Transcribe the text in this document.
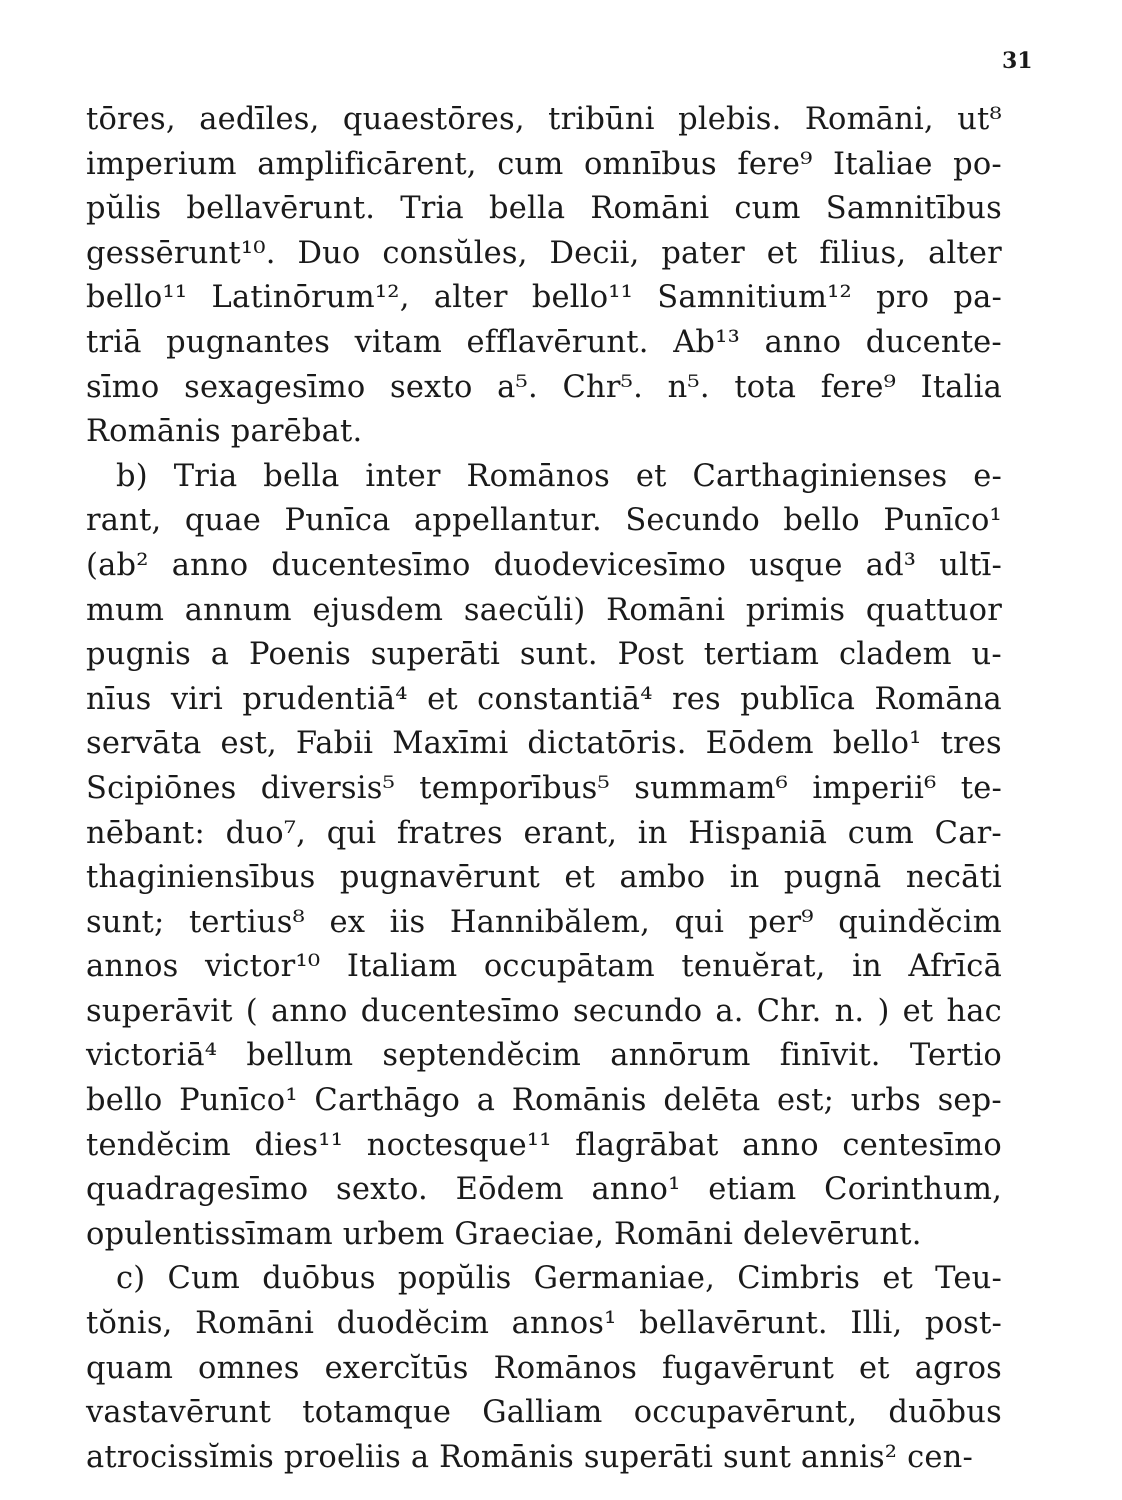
31
tōres, aedīles, quaestōres, tribūni plebis. Romāni, ut⁸
imperium amplificārent, cum omnībus fere⁹ Italiae po-
pŭlis bellavērunt. Tria bella Romāni cum Samnitībus
gessērunt¹⁰. Duo consŭles, Decii, pater et filius, alter
bello¹¹ Latinōrum¹², alter bello¹¹ Samnitium¹² pro pa-
triā pugnantes vitam efflavērunt. Ab¹³ anno ducente-
sīmo sexagesīmo sexto a⁵. Chr⁵. n⁵. tota fere⁹ Italia
Romānis parēbat.
b) Tria bella inter Romānos et Carthaginienses e-
rant, quae Punīca appellantur. Secundo bello Punīco¹
(ab² anno ducentesīmo duodevicesīmo usque ad³ ultī-
mum annum ejusdem saecŭli) Romāni primis quattuor
pugnis a Poenis superāti sunt. Post tertiam cladem u-
nīus viri prudentiā⁴ et constantiā⁴ res publīca Romāna
servāta est, Fabii Maxīmi dictatōris. Eōdem bello¹ tres
Scipiōnes diversis⁵ temporībus⁵ summam⁶ imperii⁶ te-
nēbant: duo⁷, qui fratres erant, in Hispaniā cum Car-
thaginiensībus pugnavērunt et ambo in pugnā necāti
sunt; tertius⁸ ex iis Hannibălem, qui per⁹ quindĕcim
annos victor¹⁰ Italiam occupātam tenuĕrat, in Afrīcā
superāvit ( anno ducentesīmo secundo a. Chr. n. ) et hac
victoriā⁴ bellum septendĕcim annōrum finīvit. Tertio
bello Punīco¹ Carthāgo a Romānis delēta est; urbs sep-
tendĕcim dies¹¹ noctesque¹¹ flagrābat anno centesīmo
quadragesīmo sexto. Eōdem anno¹ etiam Corinthum,
opulentissīmam urbem Graeciae, Romāni delevērunt.
c) Cum duōbus popŭlis Germaniae, Cimbris et Teu-
tŏnis, Romāni duodĕcim annos¹ bellavērunt. Illi, post-
quam omnes exercĭtūs Romānos fugavērunt et agros
vastavērunt totamque Galliam occupavērunt, duōbus
atrocissĭmis proeliis a Romānis superāti sunt annis² cen-
